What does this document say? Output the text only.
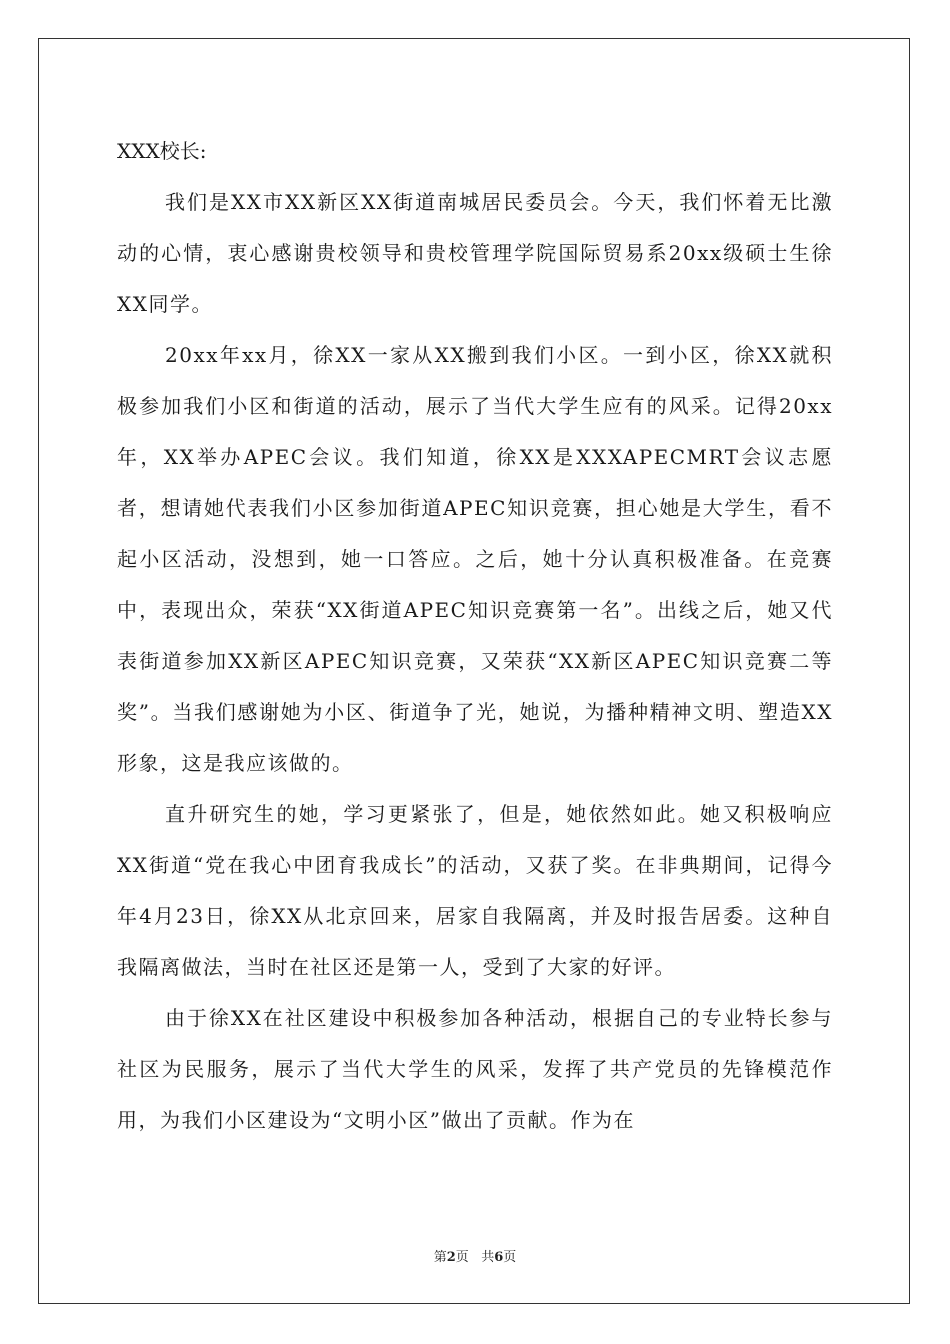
XXX校长:

我们是XX市XX新区XX街道南城居民委员会。今天，我们怀着无比激动的心情，衷心感谢贵校领导和贵校管理学院国际贸易系20xx级硕士生徐XX同学。

20xx年xx月，徐XX一家从XX搬到我们小区。一到小区，徐XX就积极参加我们小区和街道的活动，展示了当代大学生应有的风采。记得20xx年，XX举办APEC会议。我们知道，徐XX是XXXAPECMRT会议志愿者，想请她代表我们小区参加街道APEC知识竞赛，担心她是大学生，看不起小区活动，没想到，她一口答应。之后，她十分认真积极准备。在竞赛中，表现出众，荣获“XX街道APEC知识竞赛第一名”。出线之后，她又代表街道参加XX新区APEC知识竞赛，又荣获“XX新区APEC知识竞赛二等奖”。当我们感谢她为小区、街道争了光，她说，为播种精神文明、塑造XX形象，这是我应该做的。

直升研究生的她，学习更紧张了，但是，她依然如此。她又积极响应XX街道“党在我心中团育我成长”的活动，又获了奖。在非典期间，记得今年4月23日，徐XX从北京回来，居家自我隔离，并及时报告居委。这种自我隔离做法，当时在社区还是第一人，受到了大家的好评。

由于徐XX在社区建设中积极参加各种活动，根据自己的专业特长参与社区为民服务，展示了当代大学生的风采，发挥了共产党员的先锋模范作用，为我们小区建设为“文明小区”做出了贡献。作为在

第2页 共6页
